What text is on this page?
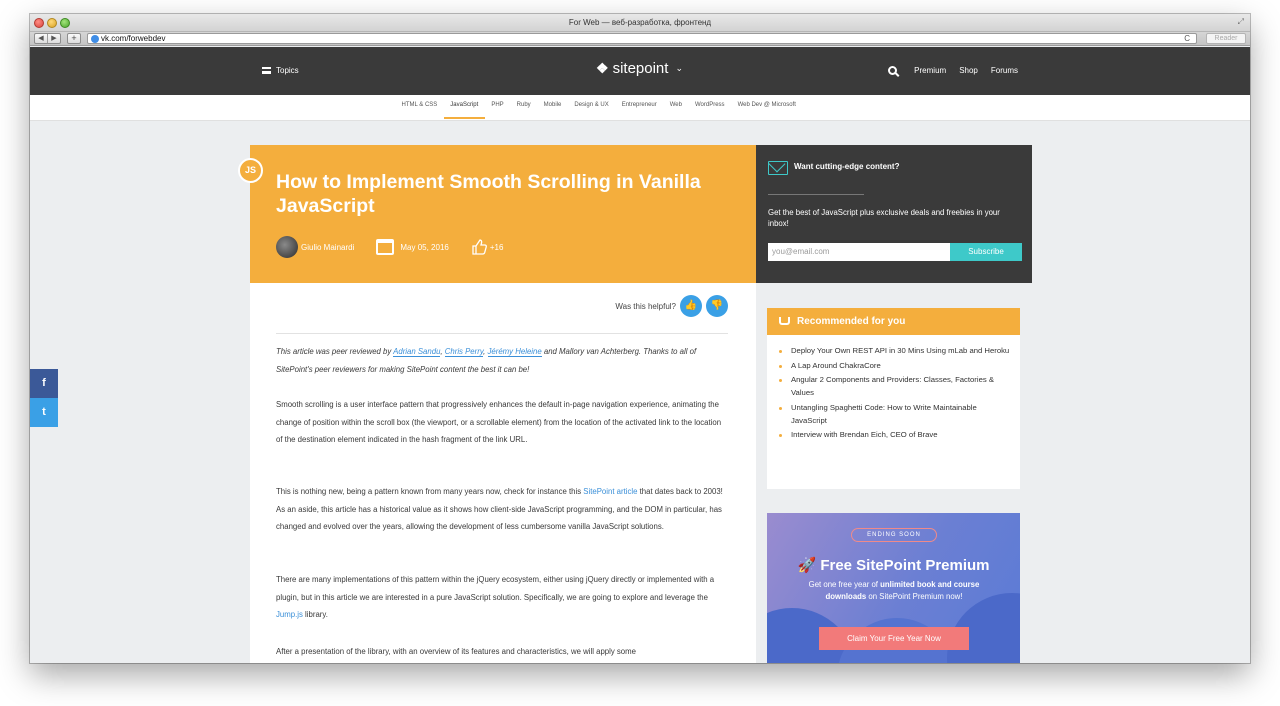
For Web — веб-разработка, фронтенд	⤢
◀	▶	+	vk.com/forwebdev	C	Reader
Topics	❖ sitepoint ⌄	Premium Shop Forums
HTML & CSS	JavaScript	PHP	Ruby	Mobile	Design & UX	Entrepreneur	Web	WordPress	Web Dev @ Microsoft
f
t
JS
How to Implement Smooth Scrolling in Vanilla JavaScript
Giulio Mainardi	May 05, 2016	+16
Was this helpful? 👍	👎

This article was peer reviewed by Adrian Sandu, Chris Perry, Jérémy Heleine and Mallory van Achterberg. Thanks to all of SitePoint's peer reviewers for making SitePoint content the best it can be!

Smooth scrolling is a user interface pattern that progressively enhances the default in-page navigation experience, animating the change of position within the scroll box (the viewport, or a scrollable element) from the location of the activated link to the location of the destination element indicated in the hash fragment of the link URL.

This is nothing new, being a pattern known from many years now, check for instance this SitePoint article that dates back to 2003! As an aside, this article has a historical value as it shows how client-side JavaScript programming, and the DOM in particular, has changed and evolved over the years, allowing the development of less cumbersome vanilla JavaScript solutions.

There are many implementations of this pattern within the jQuery ecosystem, either using jQuery directly or implemented with a plugin, but in this article we are interested in a pure JavaScript solution. Specifically, we are going to explore and leverage the Jump.js library.

After a presentation of the library, with an overview of its features and characteristics, we will apply some

Want cutting-edge content?
Get the best of JavaScript plus exclusive deals and freebies in your inbox!
you@email.com	Subscribe
Recommended for you
Deploy Your Own REST API in 30 Mins Using mLab and Heroku
A Lap Around ChakraCore
Angular 2 Components and Providers: Classes, Factories & Values
Untangling Spaghetti Code: How to Write Maintainable JavaScript
Interview with Brendan Eich, CEO of Brave
ENDING SOON
🚀 Free SitePoint Premium
Get one free year of unlimited book and course downloads on SitePoint Premium now!
Claim Your Free Year Now
